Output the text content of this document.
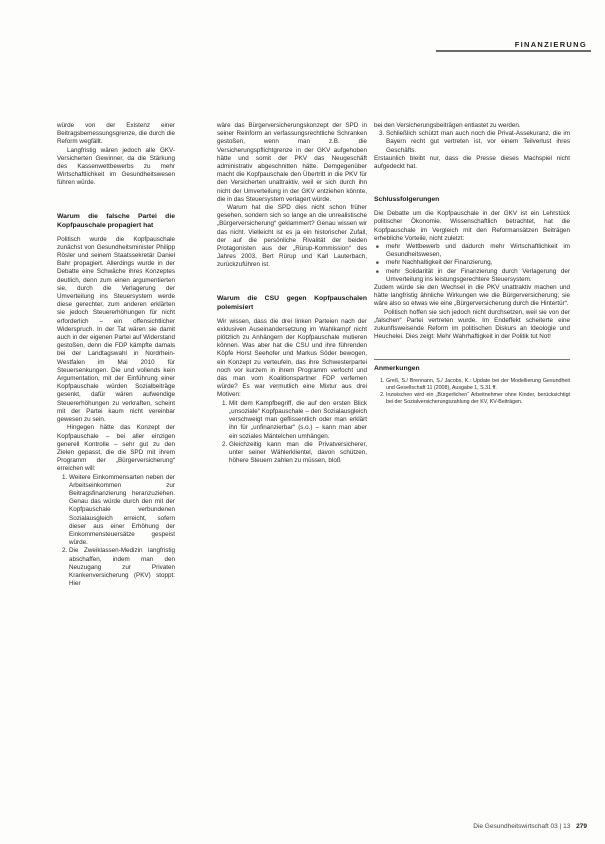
FINANZIERUNG

würde von der Existenz einer Beitragsbemessungsgrenze, die durch die Reform wegfällt.

Langfristig wären jedoch alle GKV-Versicherten Gewinner, da die Stärkung des Kassenwettbewerbs zu mehr Wirtschaftlichkeit im Gesundheitswesen führen würde.

Warum die falsche Partei die Kopfpauschale propagiert hat

Politisch wurde die Kopfpauschale zunächst von Gesundheitsminister Philipp Rösler und seinem Staatssekretär Daniel Bahr propagiert. Allerdings wurde in der Debatte eine Schwäche ihres Konzeptes deutlich, denn zum einen argumentierten sie, durch die Verlagerung der Umverteilung ins Steuersystem werde diese gerechter, zum anderen erklärten sie jedoch Steuererhöhungen für nicht erforderlich – ein offensichtlicher Widerspruch. In der Tat wären sie damit auch in der eigenen Partei auf Widerstand gestoßen, denn die FDP kämpfte damals bei der Landtagswahl in Nordrhein-Westfalen im Mai 2010 für Steuersenkungen. Die und vollends kein Argumentation, mit der Einführung einer Kopfpauschale würden Sozialbeiträge gesenkt, dafür wären aufwendige Steuererhöhungen zu verkraften, scheint mit der Partei kaum nicht vereinbar gewesen zu sein.

Hingegen hätte das Konzept der Kopfpauschale – bei aller einzigen generell Kontrolle – sehr gut zu den Zielen gepasst, die die SPD mit ihrem Programm der „Bürgerversicherung“ erreichen will:

1. Weitere Einkommensarten neben der Arbeitseinkommen zur Beitragsfinanzierung heranzuziehen. Genau das würde durch den mit der Kopfpauschale verbundenen Sozialausgleich erreicht, sofern dieser aus einer Erhöhung der Einkommensteuersätze gespeist würde.
2. Die Zweiklassen-Medizin langfristig abschaffen, indem man den Neuzugang zur Privaten Krankenversicherung (PKV) stoppt: Hier

wäre das Bürgerversicherungskonzept der SPD in seiner Reinform an verfassungsrechtliche Schranken gestoßen, wenn man z.B. die Versicherungspflichtgrenze in der GKV aufgehoben hätte und somit der PKV das Neugeschäft administrativ abgeschnitten hätte. Demgegenüber macht die Kopfpauschale den Übertritt in die PKV für den Versicherten unattraktiv, weil er sich durch ihn nicht der Umverteilung in der GKV entziehen könnte, die in das Steuersystem verlagert würde.

Warum hat die SPD dies nicht schon früher gesehen, sondern sich so lange an die unrealistische „Bürgerversicherung“ geklammert? Genau wissen wir das nicht. Vielleicht ist es ja ein historischer Zufall, der auf die persönliche Rivalität der beiden Protagonisten aus der „Rürup-Kommission“ des Jahres 2003, Bert Rürup und Karl Lauterbach, zurückzuführen ist.

Warum die CSU gegen Kopfpauschalen polemisiert

Wir wissen, dass die drei linken Parteien nach der exklusiven Auseinandersetzung im Wahlkampf nicht plötzlich zu Anhängern der Kopfpauschale mutieren können. Was aber hat die CSU und ihre führenden Köpfe Horst Seehofer und Markus Söder bewogen, ein Konzept zu verteufeln, das ihre Schwesterpartei noch vor kurzem in ihrem Programm verfocht und das man vom Koalitionspartner FDP verfemen würde? Es war vermutlich eine Mixtur aus drei Motiven:

1. Mit dem Kampfbegriff, die auf den ersten Blick „unsoziale“ Kopfpauschale – den Sozialausgleich verschweigt man geflissentlich oder man erklärt ihn für „unfinanzierbar“ (s.o.) – kann man aber ein soziales Mäntelchen umhängen.
2. Gleichzeitig kann man die Privatversicherer, unter seiner Wählerklientel, davon schützen, höhere Steuern zahlen zu müssen, bloß

bei den Versicherungsbeiträgen entlastet zu werden.

3. Schließlich schützt man auch noch die Privat-Assekuranz, die im Bayern recht gut vertreten ist, vor einem Teilverlust ihres Geschäfts.

Erstaunlich bleibt nur, dass die Presse dieses Machspiel nicht aufgedeckt hat.

Schlussfolgerungen

Die Debatte um die Kopfpauschale in der GKV ist ein Lehrstück politischer Ökonomie. Wissenschaftlich betrachtet, hat die Kopfpauschale im Vergleich mit den Reformansätzen Beiträgen erhebliche Vorteile, nicht zuletzt:

■ mehr Wettbewerb und dadurch mehr Wirtschaftlichkeit im Gesundheitswesen,
■ mehr Nachhaltigkeit der Finanzierung,
■ mehr Solidarität in der Finanzierung durch Verlagerung der Umverteilung ins leistungsgerechtere Steuersystem.

Zudem würde sie den Wechsel in die PKV unattraktiv machen und hätte langfristig ähnliche Wirkungen wie die Bürgerversicherung; sie wäre also so etwas wie eine „Bürgerversicherung durch die Hintertür“.

Politisch hoffen sie sich jedoch nicht durchsetzen, weil sie von der „falschen“ Partei vertreten wurde. Im Endeffekt scheiterte eine zukunftsweisende Reform im politischen Diskurs an Ideologie und Heuchelei. Dies zeigt: Mehr Wahrhaftigkeit in der Politik tut Not!

Anmerkungen
1. Greß, S./ Brennann, S./ Jacobs, K.: Update bei der Modellierung Gesundheit und Gesellschaft 11 (2008), Ausgabe 1, S.31 ff.
2. Inzwischen wird ein „Bürgerlichen“ Arbeitnehmer ohne Kinder, berücksichtigt bei der Sozialversicherungszahlung der KV, KV-Beiträgen.
Die Gesundheitswirtschaft 03 | 13 279
